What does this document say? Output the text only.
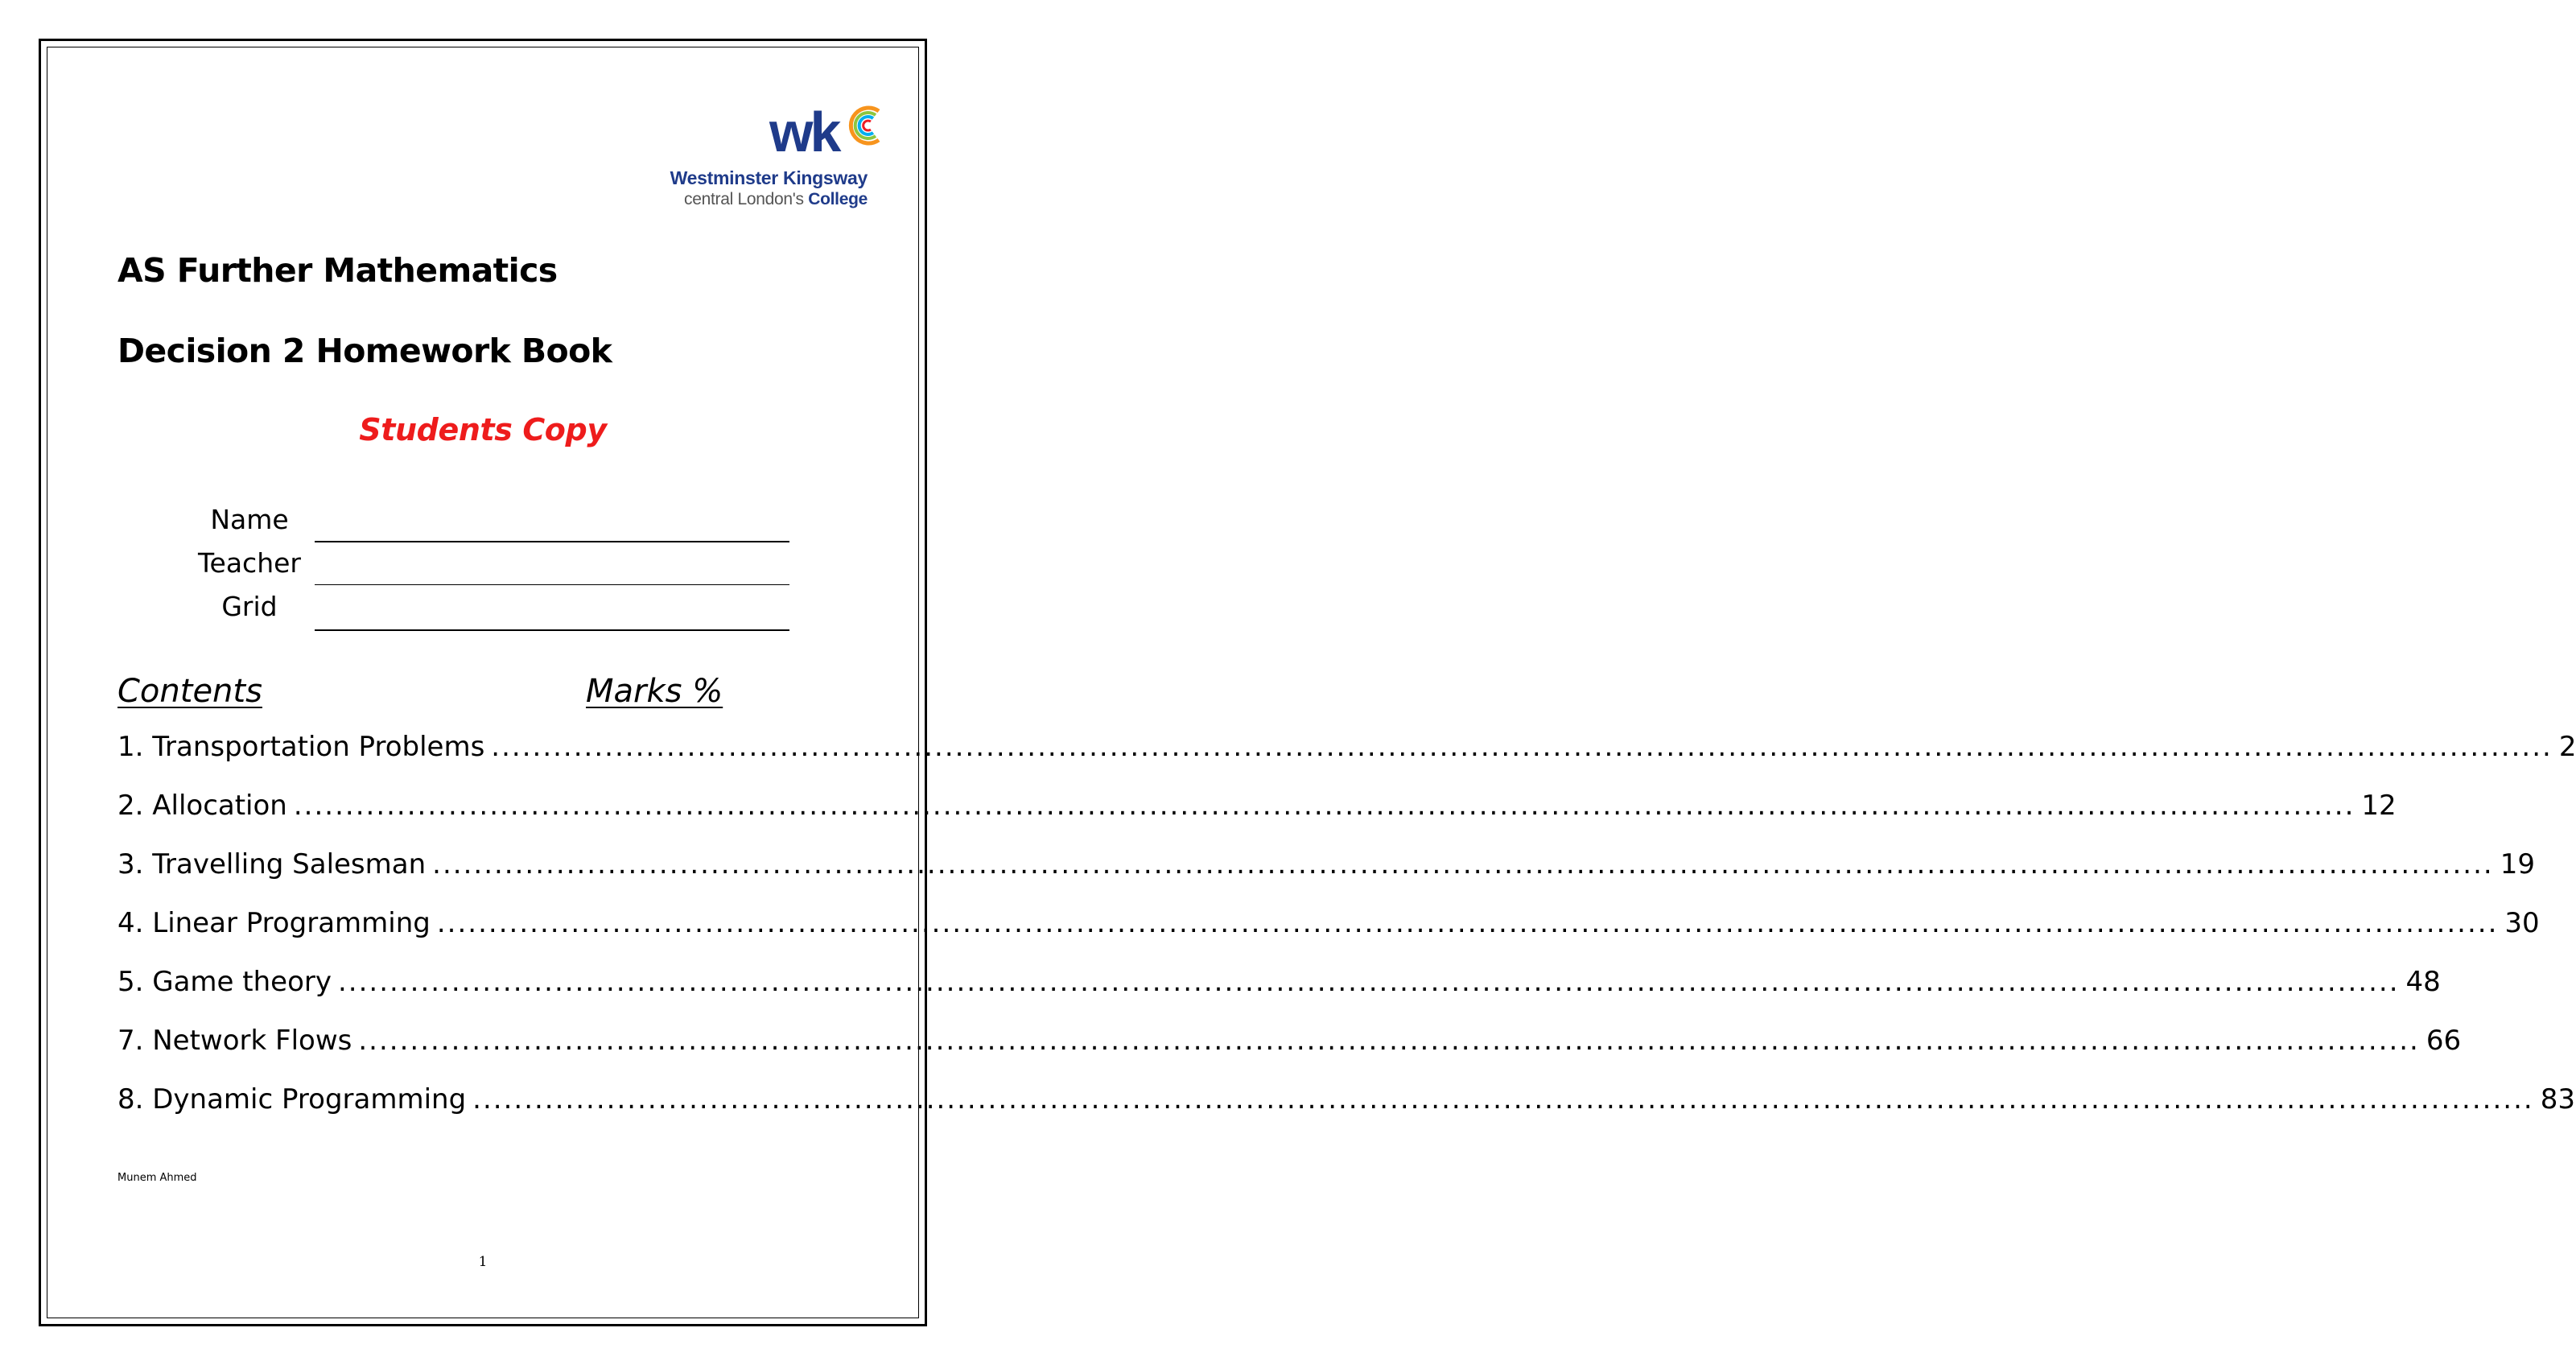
wk
Westminster Kingsway
central London's College
AS Further Mathematics
Decision 2 Homework Book
Students Copy
Name
Teacher
Grid
Contents	Marks %
1. Transportation Problems ........................................................................................................................................................................................................ 2
2. Allocation ........................................................................................................................................................................................................ 12
3. Travelling Salesman ........................................................................................................................................................................................................ 19
4. Linear Programming ........................................................................................................................................................................................................ 30
5. Game theory ........................................................................................................................................................................................................ 48
7. Network Flows ........................................................................................................................................................................................................ 66
8. Dynamic Programming ........................................................................................................................................................................................................ 83
Munem Ahmed
1
